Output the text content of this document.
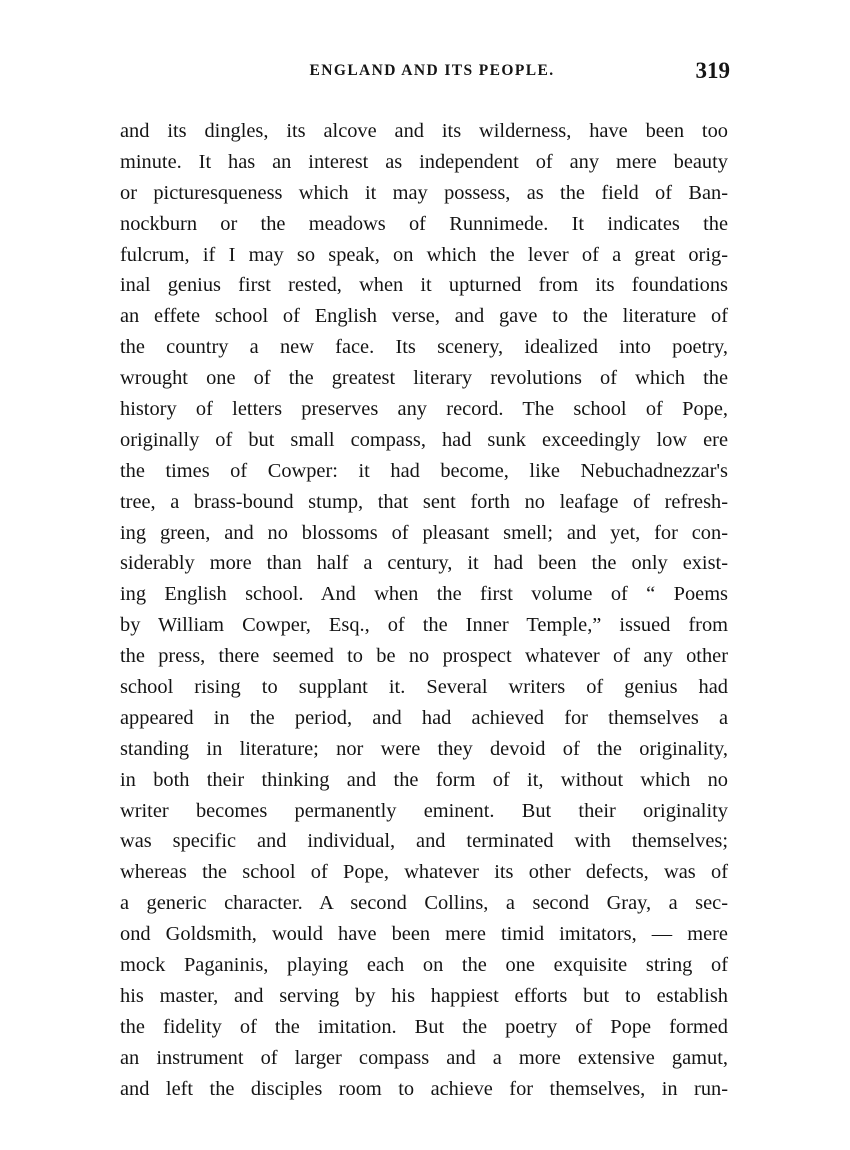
ENGLAND AND ITS PEOPLE.	319
and its dingles, its alcove and its wilderness, have been too
minute. It has an interest as independent of any mere beauty
or picturesqueness which it may possess, as the field of Ban-
nockburn or the meadows of Runnimede. It indicates the
fulcrum, if I may so speak, on which the lever of a great orig-
inal genius first rested, when it upturned from its foundations
an effete school of English verse, and gave to the literature of
the country a new face. Its scenery, idealized into poetry,
wrought one of the greatest literary revolutions of which the
history of letters preserves any record. The school of Pope,
originally of but small compass, had sunk exceedingly low ere
the times of Cowper: it had become, like Nebuchadnezzar's
tree, a brass-bound stump, that sent forth no leafage of refresh-
ing green, and no blossoms of pleasant smell; and yet, for con-
siderably more than half a century, it had been the only exist-
ing English school. And when the first volume of “ Poems
by William Cowper, Esq., of the Inner Temple,” issued from
the press, there seemed to be no prospect whatever of any other
school rising to supplant it. Several writers of genius had
appeared in the period, and had achieved for themselves a
standing in literature; nor were they devoid of the originality,
in both their thinking and the form of it, without which no
writer becomes permanently eminent. But their originality
was specific and individual, and terminated with themselves;
whereas the school of Pope, whatever its other defects, was of
a generic character. A second Collins, a second Gray, a sec-
ond Goldsmith, would have been mere timid imitators, — mere
mock Paganinis, playing each on the one exquisite string of
his master, and serving by his happiest efforts but to establish
the fidelity of the imitation. But the poetry of Pope formed
an instrument of larger compass and a more extensive gamut,
and left the disciples room to achieve for themselves, in run-
